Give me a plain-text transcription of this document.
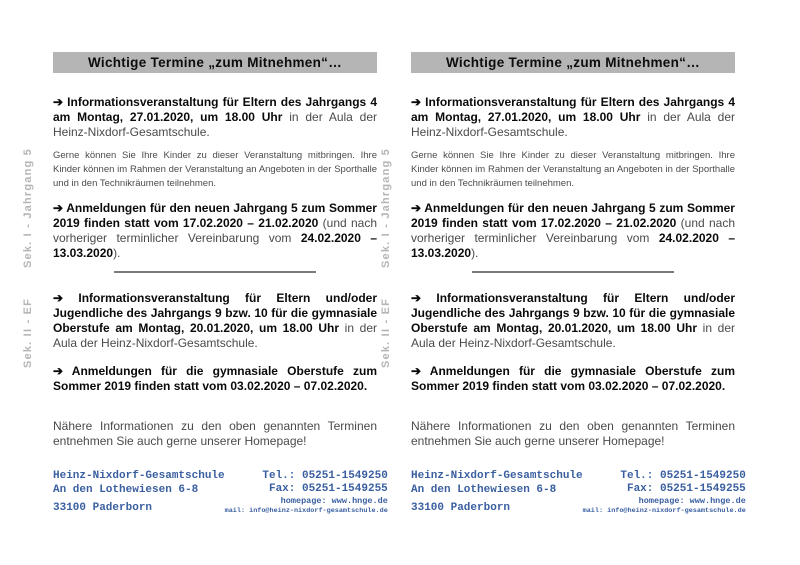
Sek. I - Jahrgang 5
Sek. II - EF
Wichtige Termine „zum Mitnehmen“…

➔ Informationsveranstaltung für Eltern des Jahrgangs 4 am Montag, 27.01.2020, um 18.00 Uhr in der Aula der Heinz-Nixdorf-Gesamtschule.

Gerne können Sie Ihre Kinder zu dieser Veranstaltung mitbringen. Ihre Kinder können im Rahmen der Veranstaltung an Angeboten in der Sporthalle und in den Technikräumen teilnehmen.

➔ Anmeldungen für den neuen Jahrgang 5 zum Sommer 2019 finden statt vom 17.02.2020 – 21.02.2020 (und nach vorheriger terminlicher Vereinbarung vom 24.02.2020 – 13.03.2020).

➔ Informationsveranstaltung für Eltern und/oder Jugendliche des Jahrgangs 9 bzw. 10 für die gymnasiale Oberstufe am Montag, 20.01.2020, um 18.00 Uhr in der Aula der Heinz-Nixdorf-Gesamtschule.

➔ Anmeldungen für die gymnasiale Oberstufe zum Sommer 2019 finden statt vom 03.02.2020 – 07.02.2020.

Nähere Informationen zu den oben genannten Terminen entnehmen Sie auch gerne unserer Homepage!

Heinz-Nixdorf-Gesamtschule
An den Lothewiesen 6-8
33100 Paderborn
Tel.: 05251-1549250
Fax: 05251-1549255
homepage: www.hnge.de
mail: info@heinz-nixdorf-gesamtschule.de
Sek. I - Jahrgang 5
Sek. II - EF
Wichtige Termine „zum Mitnehmen“…

➔ Informationsveranstaltung für Eltern des Jahrgangs 4 am Montag, 27.01.2020, um 18.00 Uhr in der Aula der Heinz-Nixdorf-Gesamtschule.

Gerne können Sie Ihre Kinder zu dieser Veranstaltung mitbringen. Ihre Kinder können im Rahmen der Veranstaltung an Angeboten in der Sporthalle und in den Technikräumen teilnehmen.

➔ Anmeldungen für den neuen Jahrgang 5 zum Sommer 2019 finden statt vom 17.02.2020 – 21.02.2020 (und nach vorheriger terminlicher Vereinbarung vom 24.02.2020 – 13.03.2020).

➔ Informationsveranstaltung für Eltern und/oder Jugendliche des Jahrgangs 9 bzw. 10 für die gymnasiale Oberstufe am Montag, 20.01.2020, um 18.00 Uhr in der Aula der Heinz-Nixdorf-Gesamtschule.

➔ Anmeldungen für die gymnasiale Oberstufe zum Sommer 2019 finden statt vom 03.02.2020 – 07.02.2020.

Nähere Informationen zu den oben genannten Terminen entnehmen Sie auch gerne unserer Homepage!

Heinz-Nixdorf-Gesamtschule
An den Lothewiesen 6-8
33100 Paderborn
Tel.: 05251-1549250
Fax: 05251-1549255
homepage: www.hnge.de
mail: info@heinz-nixdorf-gesamtschule.de
